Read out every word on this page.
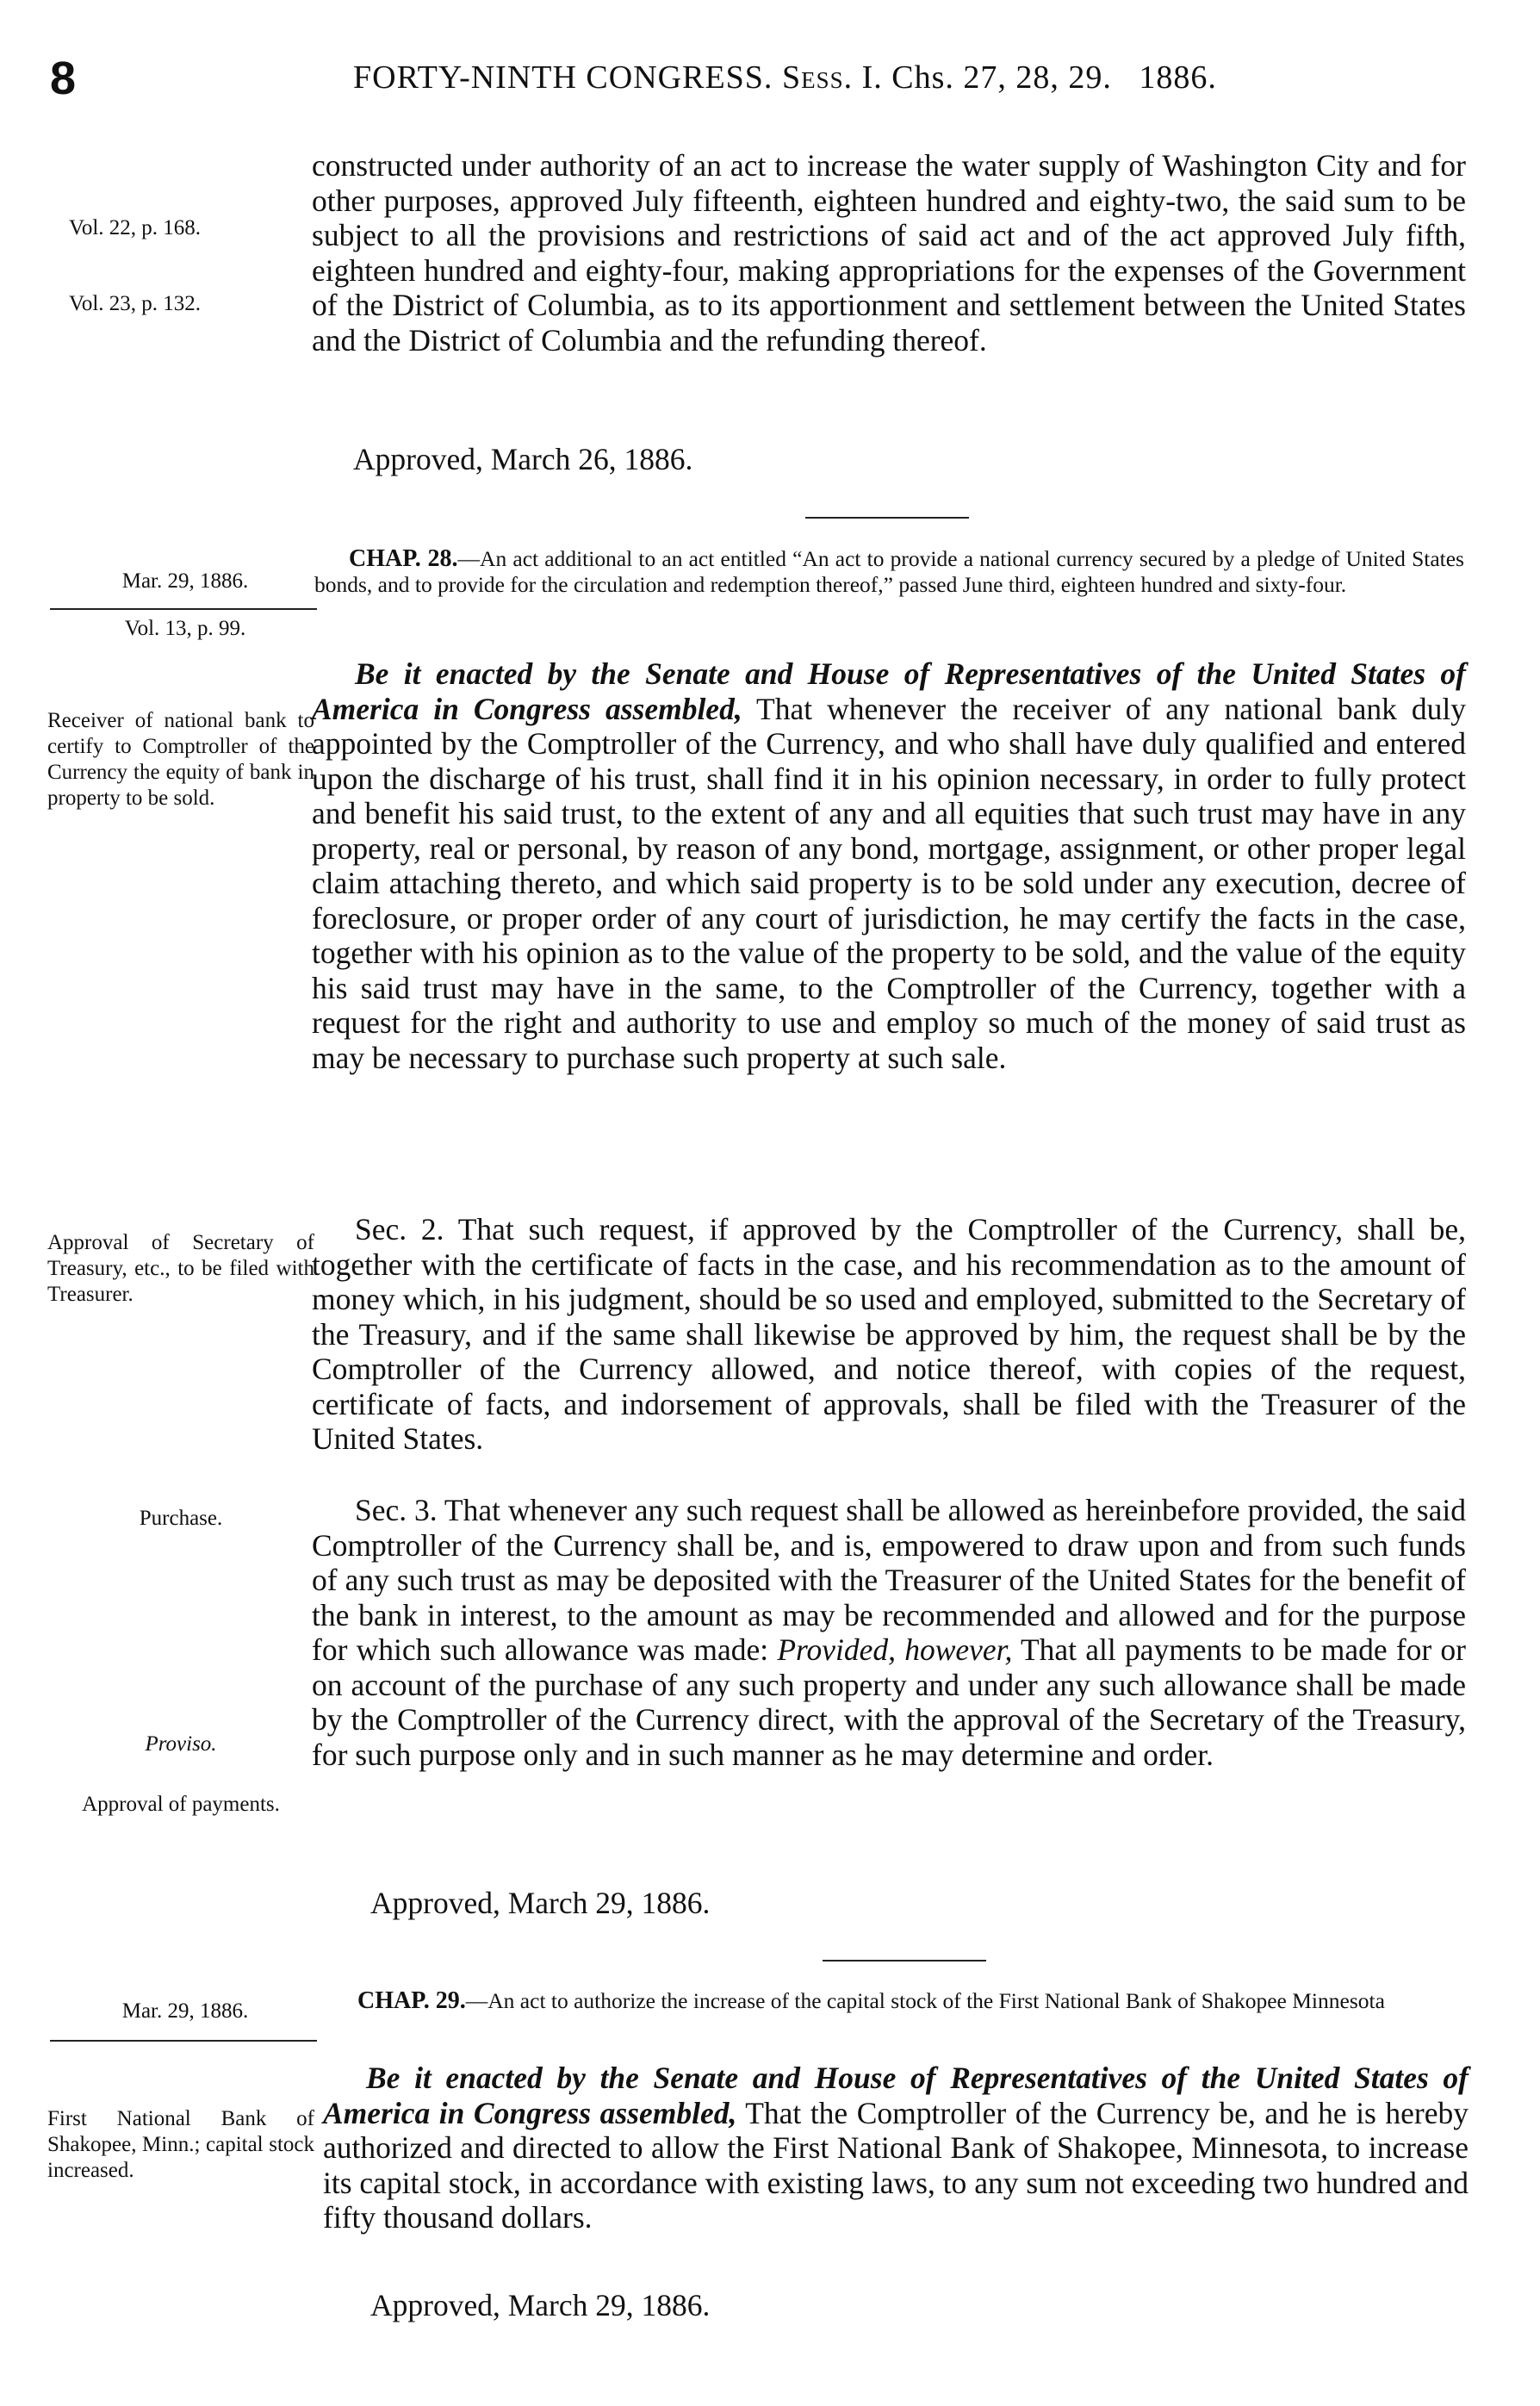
8	FORTY-NINTH CONGRESS. Sess. I. Chs. 27, 28, 29. 1886.
Vol. 22, p. 168.
Vol. 23, p. 132.

constructed under authority of an act to increase the water supply of Washington City and for other purposes, approved July fifteenth, eighteen hundred and eighty-two, the said sum to be subject to all the provisions and restrictions of said act and of the act approved July fifth, eighteen hundred and eighty-four, making appropriations for the expenses of the Government of the District of Columbia, as to its apportionment and settlement between the United States and the District of Columbia and the refunding thereof.

Approved, March 26, 1886.
Mar. 29, 1886.
Vol. 13, p. 99.
CHAP. 28.—An act additional to an act entitled “An act to provide a national currency secured by a pledge of United States bonds, and to provide for the circulation and redemption thereof,” passed June third, eighteen hundred and sixty-four.
Receiver of national bank to certify to Comptroller of the Currency the equity of bank in property to be sold.

Be it enacted by the Senate and House of Representatives of the United States of America in Congress assembled, That whenever the receiver of any national bank duly appointed by the Comptroller of the Currency, and who shall have duly qualified and entered upon the discharge of his trust, shall find it in his opinion necessary, in order to fully protect and benefit his said trust, to the extent of any and all equities that such trust may have in any property, real or personal, by reason of any bond, mortgage, assignment, or other proper legal claim attaching thereto, and which said property is to be sold under any execution, decree of foreclosure, or proper order of any court of jurisdiction, he may certify the facts in the case, together with his opinion as to the value of the property to be sold, and the value of the equity his said trust may have in the same, to the Comptroller of the Currency, together with a request for the right and authority to use and employ so much of the money of said trust as may be necessary to purchase such property at such sale.

Approval of Secretary of Treasury, etc., to be filed with Treasurer.

Sec. 2. That such request, if approved by the Comptroller of the Currency, shall be, together with the certificate of facts in the case, and his recommendation as to the amount of money which, in his judgment, should be so used and employed, submitted to the Secretary of the Treasury, and if the same shall likewise be approved by him, the request shall be by the Comptroller of the Currency allowed, and notice thereof, with copies of the request, certificate of facts, and indorsement of approvals, shall be filed with the Treasurer of the United States.

Purchase.
Proviso.
Approval of payments.

Sec. 3. That whenever any such request shall be allowed as hereinbefore provided, the said Comptroller of the Currency shall be, and is, empowered to draw upon and from such funds of any such trust as may be deposited with the Treasurer of the United States for the benefit of the bank in interest, to the amount as may be recommended and allowed and for the purpose for which such allowance was made: Provided, however, That all payments to be made for or on account of the purchase of any such property and under any such allowance shall be made by the Comptroller of the Currency direct, with the approval of the Secretary of the Treasury, for such purpose only and in such manner as he may determine and order.

Approved, March 29, 1886.
Mar. 29, 1886.	CHAP. 29.—An act to authorize the increase of the capital stock of the First National Bank of Shakopee Minnesota
First National Bank of Shakopee, Minn.; capital stock increased.

Be it enacted by the Senate and House of Representatives of the United States of America in Congress assembled, That the Comptroller of the Currency be, and he is hereby authorized and directed to allow the First National Bank of Shakopee, Minnesota, to increase its capital stock, in accordance with existing laws, to any sum not exceeding two hundred and fifty thousand dollars.

Approved, March 29, 1886.
